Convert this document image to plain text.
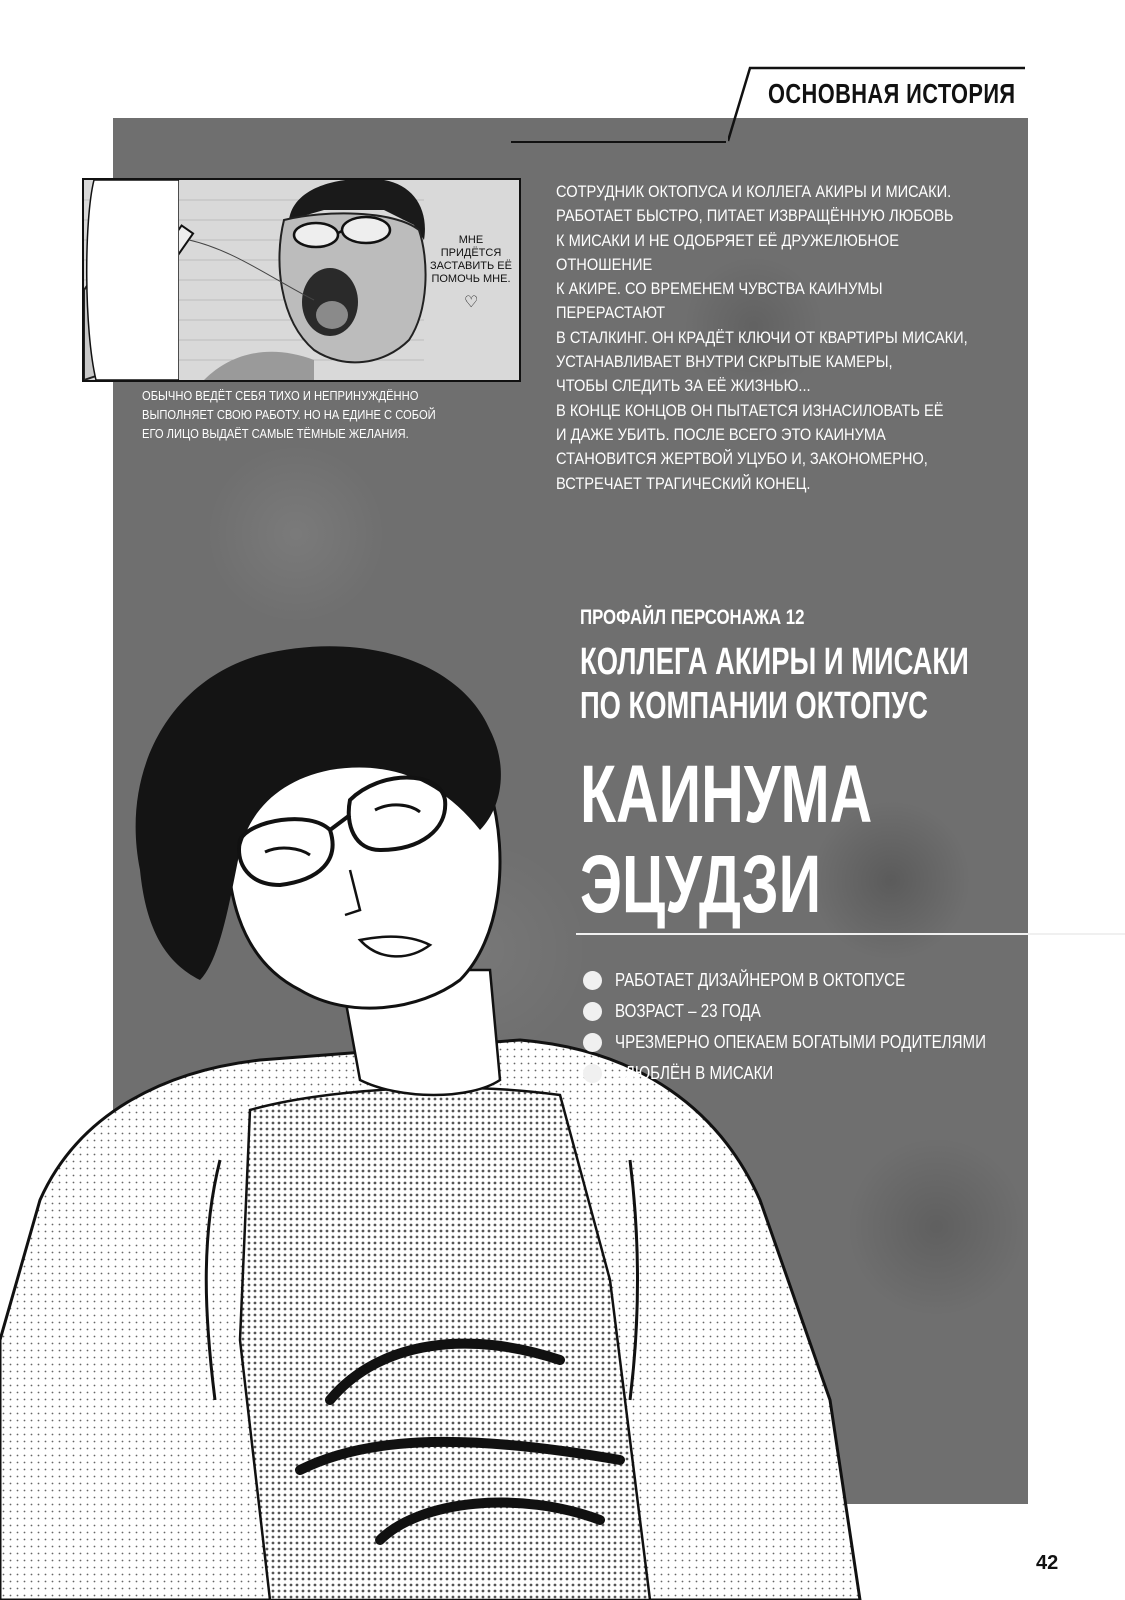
ОСНОВНАЯ ИСТОРИЯ
МНЕ ПРИДЁТСЯ ЗАСТАВИТЬ ЕЁ ПОМОЧЬ МНЕ.
♡
ОБЫЧНО ВЕДЁТ СЕБЯ ТИХО И НЕПРИНУЖДЁННО ВЫПОЛНЯЕТ СВОЮ РАБОТУ. НО НА ЕДИНЕ С СОБОЙ ЕГО ЛИЦО ВЫДАЁТ САМЫЕ ТЁМНЫЕ ЖЕЛАНИЯ.
СОТРУДНИК ОКТОПУСА И КОЛЛЕГА АКИРЫ И МИСАКИ.
РАБОТАЕТ БЫСТРО, ПИТАЕТ ИЗВРАЩЁННУЮ ЛЮБОВЬ
К МИСАКИ И НЕ ОДОБРЯЕТ ЕЁ ДРУЖЕЛЮБНОЕ ОТНОШЕНИЕ
К АКИРЕ. СО ВРЕМЕНЕМ ЧУВСТВА КАИНУМЫ ПЕРЕРАСТАЮТ
В СТАЛКИНГ. ОН КРАДЁТ КЛЮЧИ ОТ КВАРТИРЫ МИСАКИ,
УСТАНАВЛИВАЕТ ВНУТРИ СКРЫТЫЕ КАМЕРЫ,
ЧТОБЫ СЛЕДИТЬ ЗА ЕЁ ЖИЗНЬЮ...
В КОНЦЕ КОНЦОВ ОН ПЫТАЕТСЯ ИЗНАСИЛОВАТЬ ЕЁ
И ДАЖЕ УБИТЬ. ПОСЛЕ ВСЕГО ЭТО КАИНУМА
СТАНОВИТСЯ ЖЕРТВОЙ УЦУБО И, ЗАКОНОМЕРНО,
ВСТРЕЧАЕТ ТРАГИЧЕСКИЙ КОНЕЦ.
ПРОФАЙЛ ПЕРСОНАЖА 12
КОЛЛЕГА АКИРЫ И МИСАКИ
ПО КОМПАНИИ ОКТОПУС
КАИНУМА
ЭЦУДЗИ
РАБОТАЕТ ДИЗАЙНЕРОМ В ОКТОПУСЕ
ВОЗРАСТ – 23 ГОДА
ЧРЕЗМЕРНО ОПЕКАЕМ БОГАТЫМИ РОДИТЕЛЯМИ
ВЛЮБЛЁН В МИСАКИ
42
